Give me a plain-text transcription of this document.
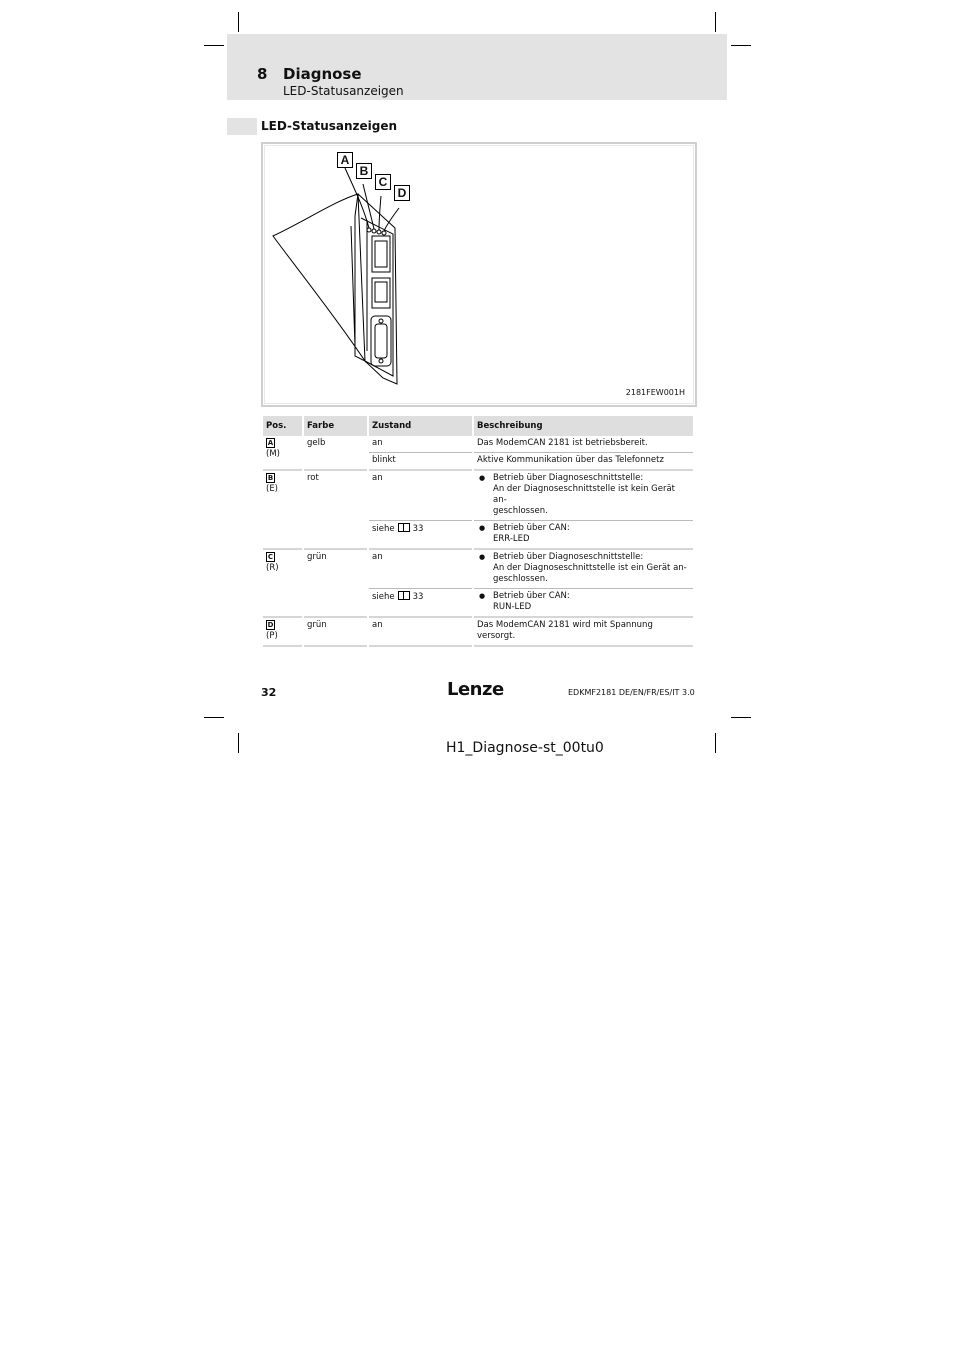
8 Diagnose
LED-Statusanzeigen
LED-Statusanzeigen
A
B
C
D
2181FEW001H
Pos.	Farbe	Zustand	Beschreibung
A
(M)	gelb	an	Das ModemCAN 2181 ist betriebsbereit.
		blinkt	Aktive Kommunikation über das Telefonnetz
B
(E)	rot	an	● Betrieb über Diagnoseschnittstelle:
An der Diagnoseschnittstelle ist kein Gerät an-
geschlossen.

		siehe 33	● Betrieb über CAN:
ERR-LED

C
(R)	grün	an	● Betrieb über Diagnoseschnittstelle:
An der Diagnoseschnittstelle ist ein Gerät an-
geschlossen.

		siehe 33	● Betrieb über CAN:
RUN-LED

D
(P)	grün	an	Das ModemCAN 2181 wird mit Spannung versorgt.
32	Lenze	EDKMF2181 DE/EN/FR/ES/IT 3.0
H1_Diagnose-st_00tu0
